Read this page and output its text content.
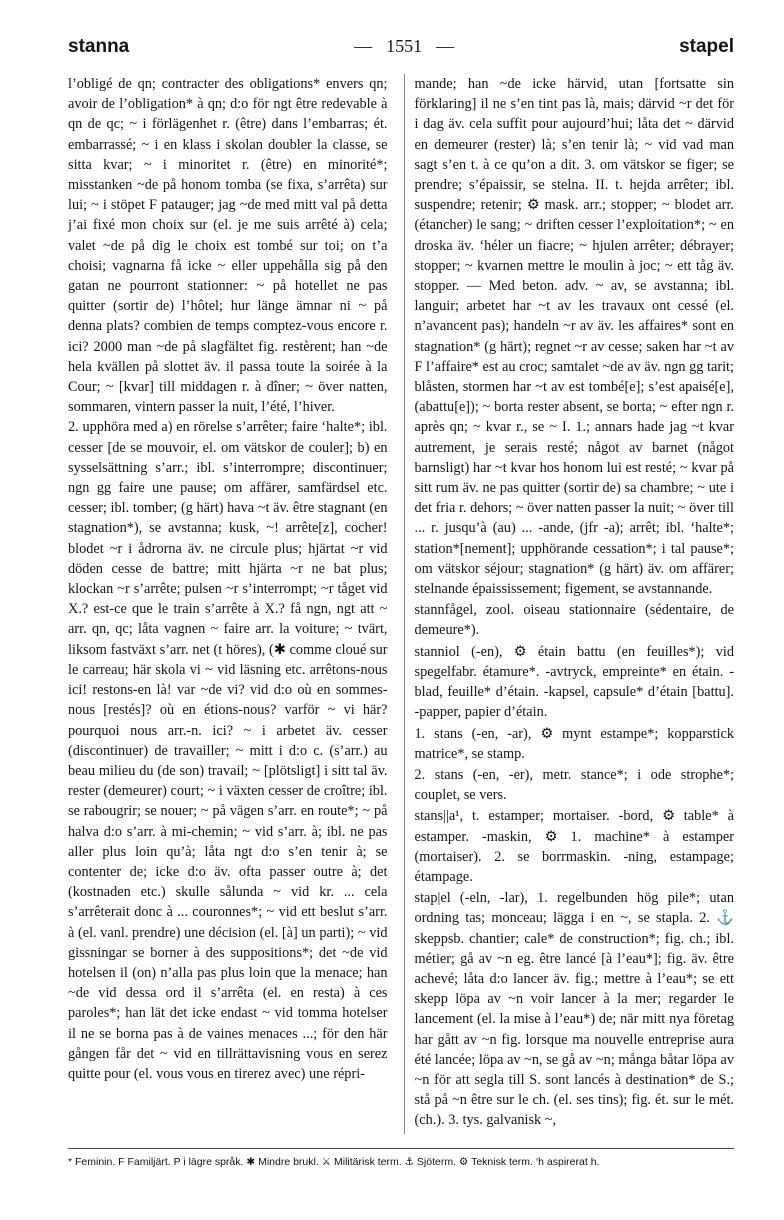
stanna	— 1551 —	stapel

l’obligé de qn; contracter des obligations* envers qn; avoir de l’obligation* à qn; d:o för ngt être redevable à qn de qc; ~ i förlägenhet r. (être) dans l’embarras; ét. embarrassé; ~ i en klass i skolan doubler la classe, se sitta kvar; ~ i minoritet r. (être) en minorité*; misstanken ~de på honom tomba (se fixa, s’arrêta) sur lui; ~ i stöpet F patauger; jag ~de med mitt val på detta j’ai fixé mon choix sur (el. je me suis arrêté à) cela; valet ~de på dig le choix est tombé sur toi; on t’a choisi; vagnarna få icke ~ eller uppehålla sig på den gatan ne pourront stationner: ~ på hotellet ne pas quitter (sortir de) l’hôtel; hur länge ämnar ni ~ på denna plats? combien de temps comptez-vous encore r. ici? 2000 man ~de på slagfältet fig. restèrent; han ~de hela kvällen på slottet äv. il passa toute la soirée à la Cour; ~ [kvar] till middagen r. à dîner; ~ över natten, sommaren, vintern passer la nuit, l’été, l’hiver.

2. upphöra med a) en rörelse s’arrêter; faire ‘halte*; ibl. cesser [de se mouvoir, el. om vätskor de couler]; b) en sysselsättning s’arr.; ibl. s’interrompre; discontinuer; ngn gg faire une pause; om affärer, samfärdsel etc. cesser; ibl. tomber; (g härt) hava ~t äv. être stagnant (en stagnation*), se avstanna; kusk, ~! arrête[z], cocher! blodet ~r i ådrorna äv. ne circule plus; hjärtat ~r vid döden cesse de battre; mitt hjärta ~r ne bat plus; klockan ~r s’arrête; pulsen ~r s’interrompt; ~r tåget vid X.? est-ce que le train s’arrête à X.? få ngn, ngt att ~ arr. qn, qc; låta vagnen ~ faire arr. la voiture; ~ tvärt, liksom fastväxt s’arr. net (t höres), (✱ comme cloué sur le carreau; här skola vi ~ vid läsning etc. arrêtons-nous ici! restons-en là! var ~de vi? vid d:o où en sommes-nous [restés]? où en étions-nous? varför ~ vi här? pourquoi nous arr.-n. ici? ~ i arbetet äv. cesser (discontinuer) de travailler; ~ mitt i d:o c. (s’arr.) au beau milieu du (de son) travail; ~ [plötsligt] i sitt tal äv. rester (demeurer) court; ~ i växten cesser de croître; ibl. se rabougrir; se nouer; ~ på vägen s’arr. en route*; ~ på halva d:o s’arr. à mi-chemin; ~ vid s’arr. à; ibl. ne pas aller plus loin qu’à; låta ngt d:o s’en tenir à; se contenter de; icke d:o äv. ofta passer outre à; det (kostnaden etc.) skulle sålunda ~ vid kr. ... cela s’arrêterait donc à ... couronnes*; ~ vid ett beslut s’arr. à (el. vanl. prendre) une décision (el. [à] un parti); ~ vid gissningar se borner à des suppositions*; det ~de vid hotelsen il (on) n’alla pas plus loin que la menace; han ~de vid dessa ord il s’arrêta (el. en resta) à ces paroles*; han lät det icke endast ~ vid tomma hotelser il ne se borna pas à de vaines menaces ...; för den här gången får det ~ vid en tillrättavisning vous en serez quitte pour (el. vous vous en tirerez avec) une répri-

mande; han ~de icke härvid, utan [fortsatte sin förklaring] il ne s’en tint pas là, mais; därvid ~r det för i dag äv. cela suffit pour aujourd’hui; låta det ~ därvid en demeurer (rester) là; s’en tenir là; ~ vid vad man sagt s’en t. à ce qu’on a dit. 3. om vätskor se figer; se prendre; s’épaissir, se stelna. II. t. hejda arrêter; ibl. suspendre; retenir; ⚙ mask. arr.; stopper; ~ blodet arr. (étancher) le sang; ~ driften cesser l’exploitation*; ~ en droska äv. ‘héler un fiacre; ~ hjulen arrêter; débrayer; stopper; ~ kvarnen mettre le moulin à joc; ~ ett tåg äv. stopper. — Med beton. adv. ~ av, se avstanna; ibl. languir; arbetet har ~t av les travaux ont cessé (el. n’avancent pas); handeln ~r av äv. les affaires* sont en stagnation* (g härt); regnet ~r av cesse; saken har ~t av F l’affaire* est au croc; samtalet ~de av äv. ngn gg tarit; blåsten, stormen har ~t av est tombé[e]; s’est apaisé[e], (abattu[e]); ~ borta rester absent, se borta; ~ efter ngn r. après qn; ~ kvar r., se ~ I. 1.; annars hade jag ~t kvar autrement, je serais resté; något av barnet (något barnsligt) har ~t kvar hos honom lui est resté; ~ kvar på sitt rum äv. ne pas quitter (sortir de) sa chambre; ~ ute i det fria r. dehors; ~ över natten passer la nuit; ~ över till ... r. jusqu’à (au) ... -ande, (jfr -a); arrêt; ibl. ‘halte*; station*[nement]; upphörande cessation*; i tal pause*; om vätskor séjour; stagnation* (g härt) äv. om affärer; stelnande épaississement; figement, se avstannande.

stannfågel, zool. oiseau stationnaire (sédentaire, de demeure*).

stanniol (-en), ⚙ étain battu (en feuilles*); vid spegelfabr. étamure*. -avtryck, empreinte* en étain. -blad, feuille* d’étain. -kapsel, capsule* d’étain [battu]. -papper, papier d’étain.

1. stans (-en, -ar), ⚙ mynt estampe*; kopparstick matrice*, se stamp.

2. stans (-en, -er), metr. stance*; i ode strophe*; couplet, se vers.

stans||a¹, t. estamper; mortaiser. -bord, ⚙ table* à estamper. -maskin, ⚙ 1. machine* à estamper (mortaiser). 2. se borrmaskin. -ning, estampage; étampage.

stap|el (-eln, -lar), 1. regelbunden hög pile*; utan ordning tas; monceau; lägga i en ~, se stapla. 2. ⚓ skeppsb. chantier; cale* de construction*; fig. ch.; ibl. métier; gå av ~n eg. être lancé [à l’eau*]; fig. äv. être achevé; låta d:o lancer äv. fig.; mettre à l’eau*; se ett skepp löpa av ~n voir lancer à la mer; regarder le lancement (el. la mise à l’eau*) de; när mitt nya företag har gått av ~n fig. lorsque ma nouvelle entreprise aura été lancée; löpa av ~n, se gå av ~n; många båtar löpa av ~n för att segla till S. sont lancés à destination* de S.; stå på ~n être sur le ch. (el. ses tins); fig. ét. sur le mét. (ch.). 3. tys. galvanisk ~,

* Feminin. F Familjärt. P i lägre språk. ✱ Mindre brukl. ⚔ Militärisk term. ⚓ Sjöterm. ⚙ Teknisk term. ‘h aspirerat h.
